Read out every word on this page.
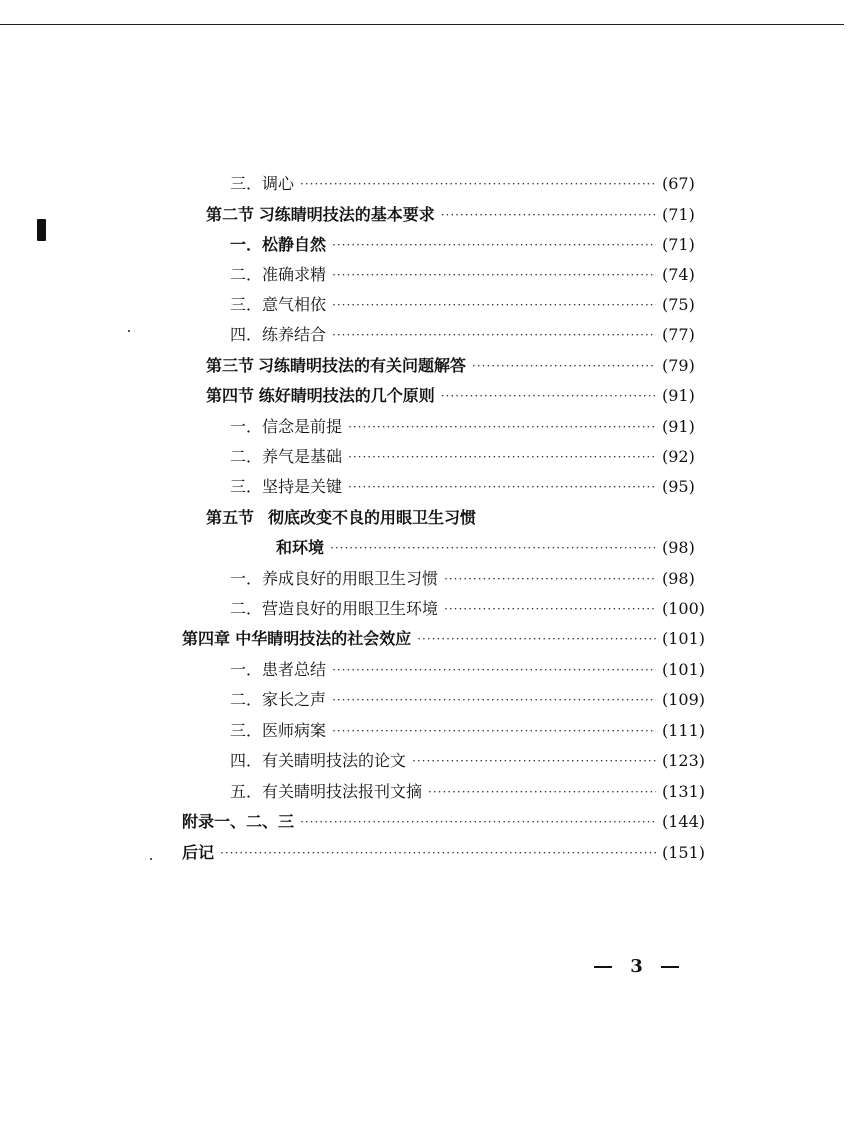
三．调心 ·····	(67)
第二节 习练睛明技法的基本要求 ·····	(71)
一．松静自然 ·····	(71)
二．准确求精 ·····	(74)
三．意气相依 ·····	(75)
四．练养结合 ·····	(77)
第三节 习练睛明技法的有关问题解答 ·····	(79)
第四节 练好睛明技法的几个原则 ·····	(91)
一．信念是前提 ·····	(91)
二．养气是基础 ·····	(92)
三．坚持是关键 ·····	(95)
第五节 彻底改变不良的用眼卫生习惯
和环境 ·····	(98)
一．养成良好的用眼卫生习惯 ·····	(98)
二．营造良好的用眼卫生环境 ·····	(100)
第四章 中华睛明技法的社会效应 ·····	(101)
一．患者总结 ·····	(101)
二．家长之声 ·····	(109)
三．医师病案 ·····	(111)
四．有关睛明技法的论文 ·····	(123)
五．有关睛明技法报刊文摘 ·····	(131)
附录一、二、三 ·····	(144)
后记 ·····	(151)
3
